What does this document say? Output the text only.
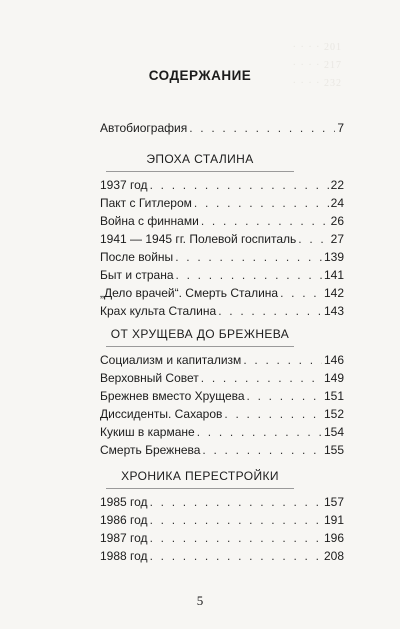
· · · · 201
· · · · 217
· · · · 232
СОДЕРЖАНИЕ
Автобиография . . .	7
ЭПОХА СТАЛИНА
1937 год . . .	22
Пакт с Гитлером . . .	24
Война с финнами . . .	26
1941 — 1945 гг. Полевой госпиталь . . .	27
После войны . . .	139
Быт и страна . . .	141
„Дело врачей“. Смерть Сталина . . .	142
Крах культа Сталина . . .	143
ОТ ХРУЩЕВА ДО БРЕЖНЕВА
Социализм и капитализм . . .	146
Верховный Совет . . .	149
Брежнев вместо Хрущева . . .	151
Диссиденты. Сахаров . . .	152
Кукиш в кармане . . .	154
Смерть Брежнева . . .	155
ХРОНИКА ПЕРЕСТРОЙКИ
1985 год . . .	157
1986 год . . .	191
1987 год . . .	196
1988 год . . .	208
5
